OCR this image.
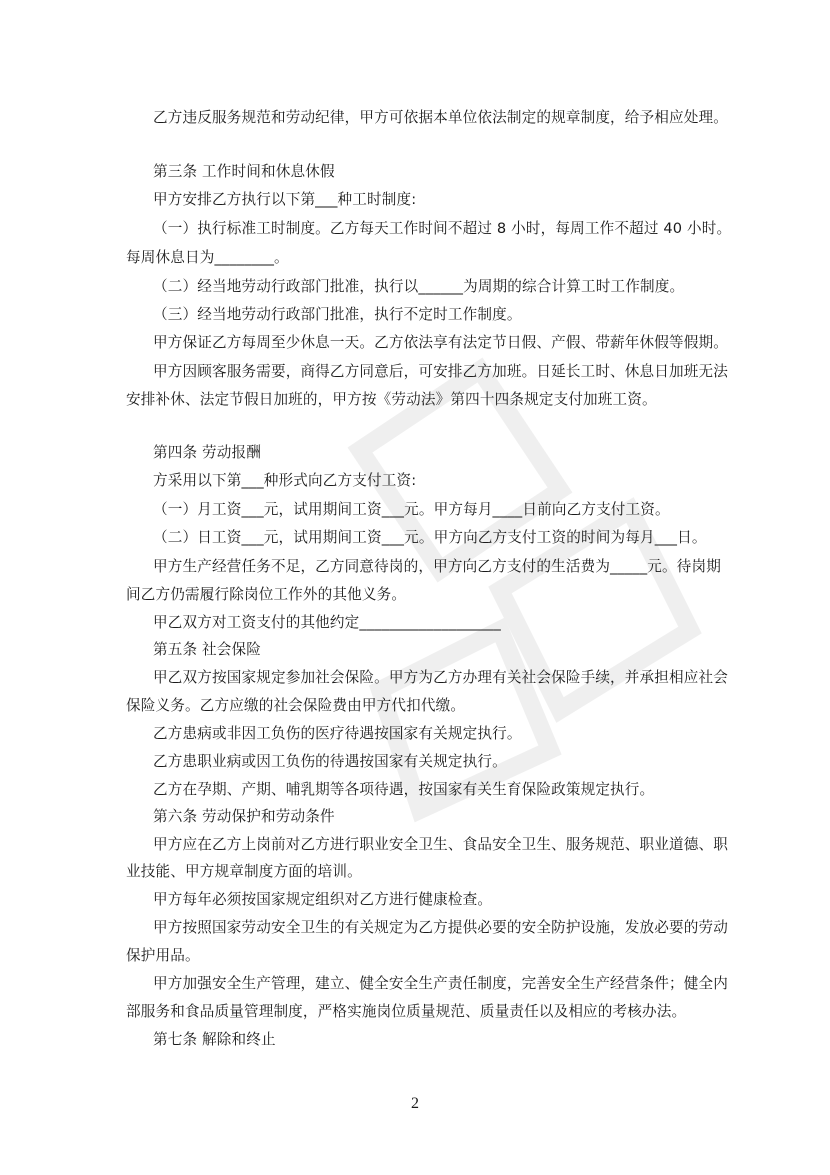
乙方违反服务规范和劳动纪律，甲方可依据本单位依法制定的规章制度，给予相应处理。
第三条 工作时间和休息休假
甲方安排乙方执行以下第___种工时制度:
（一）执行标准工时制度。乙方每天工作时间不超过 8 小时，每周工作不超过 40 小时。
每周休息日为________。
（二）经当地劳动行政部门批准，执行以______为周期的综合计算工时工作制度。
（三）经当地劳动行政部门批准，执行不定时工作制度。
甲方保证乙方每周至少休息一天。乙方依法享有法定节日假、产假、带薪年休假等假期。
甲方因顾客服务需要，商得乙方同意后，可安排乙方加班。日延长工时、休息日加班无法
安排补休、法定节假日加班的，甲方按《劳动法》第四十四条规定支付加班工资。
第四条 劳动报酬
方采用以下第___种形式向乙方支付工资:
（一）月工资___元，试用期间工资___元。甲方每月____日前向乙方支付工资。
（二）日工资___元，试用期间工资___元。甲方向乙方支付工资的时间为每月___日。
甲方生产经营任务不足，乙方同意待岗的，甲方向乙方支付的生活费为_____元。待岗期
间乙方仍需履行除岗位工作外的其他义务。
甲乙双方对工资支付的其他约定___________________
第五条 社会保险
甲乙双方按国家规定参加社会保险。甲方为乙方办理有关社会保险手续，并承担相应社会
保险义务。乙方应缴的社会保险费由甲方代扣代缴。
乙方患病或非因工负伤的医疗待遇按国家有关规定执行。
乙方患职业病或因工负伤的待遇按国家有关规定执行。
乙方在孕期、产期、哺乳期等各项待遇，按国家有关生育保险政策规定执行。
第六条 劳动保护和劳动条件
甲方应在乙方上岗前对乙方进行职业安全卫生、食品安全卫生、服务规范、职业道德、职
业技能、甲方规章制度方面的培训。
甲方每年必须按国家规定组织对乙方进行健康检查。
甲方按照国家劳动安全卫生的有关规定为乙方提供必要的安全防护设施，发放必要的劳动
保护用品。
甲方加强安全生产管理，建立、健全安全生产责任制度，完善安全生产经营条件；健全内
部服务和食品质量管理制度，严格实施岗位质量规范、质量责任以及相应的考核办法。
第七条 解除和终止
2
